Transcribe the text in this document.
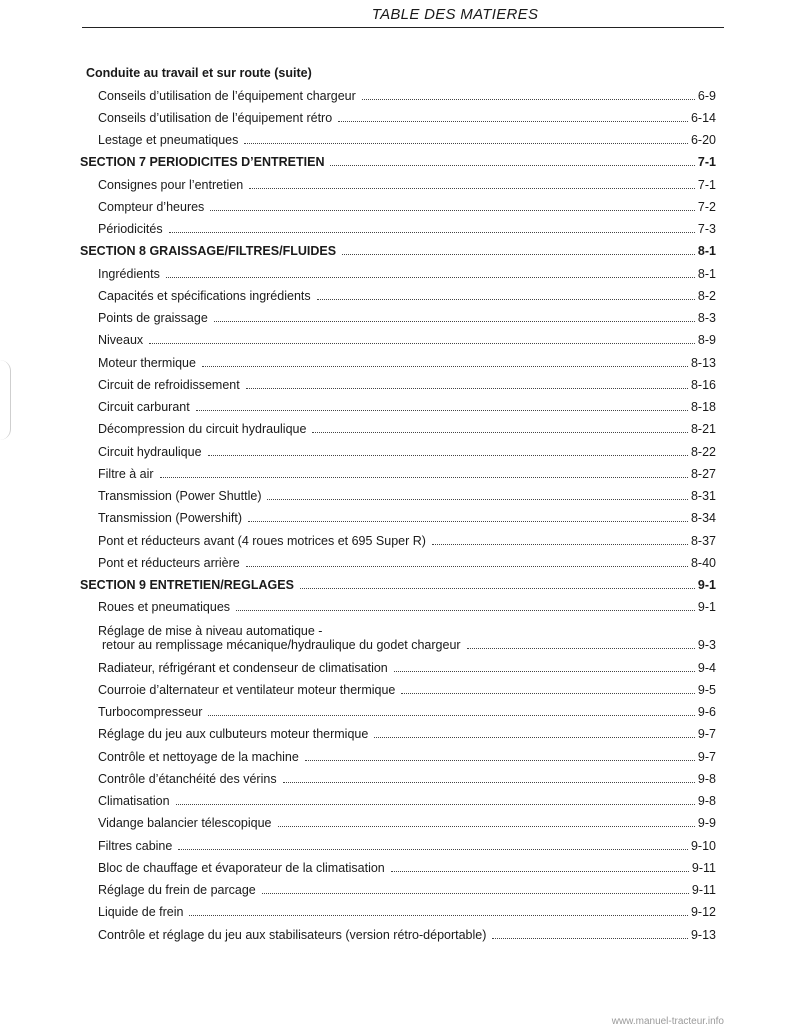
TABLE DES MATIERES
Conduite au travail et sur route (suite)
Conseils d’utilisation de l’équipement chargeur	6-9
Conseils d’utilisation de l’équipement rétro	6-14
Lestage et pneumatiques	6-20
SECTION 7 PERIODICITES D’ENTRETIEN	7-1
Consignes pour l’entretien	7-1
Compteur d’heures	7-2
Périodicités	7-3
SECTION 8 GRAISSAGE/FILTRES/FLUIDES	8-1
Ingrédients	8-1
Capacités et spécifications ingrédients	8-2
Points de graissage	8-3
Niveaux	8-9
Moteur thermique	8-13
Circuit de refroidissement	8-16
Circuit carburant	8-18
Décompression du circuit hydraulique	8-21
Circuit hydraulique	8-22
Filtre à air	8-27
Transmission (Power Shuttle)	8-31
Transmission (Powershift)	8-34
Pont et réducteurs avant (4 roues motrices et 695 Super R)	8-37
Pont et réducteurs arrière	8-40
SECTION 9 ENTRETIEN/REGLAGES	9-1
Roues et pneumatiques	9-1
Réglage de mise à niveau automatique -
retour au remplissage mécanique/hydraulique du godet chargeur	9-3
Radiateur, réfrigérant et condenseur de climatisation	9-4
Courroie d’alternateur et ventilateur moteur thermique	9-5
Turbocompresseur	9-6
Réglage du jeu aux culbuteurs moteur thermique	9-7
Contrôle et nettoyage de la machine	9-7
Contrôle d’étanchéité des vérins	9-8
Climatisation	9-8
Vidange balancier télescopique	9-9
Filtres cabine	9-10
Bloc de chauffage et évaporateur de la climatisation	9-11
Réglage du frein de parcage	9-11
Liquide de frein	9-12
Contrôle et réglage du jeu aux stabilisateurs (version rétro-déportable)	9-13
www.manuel-tracteur.info
